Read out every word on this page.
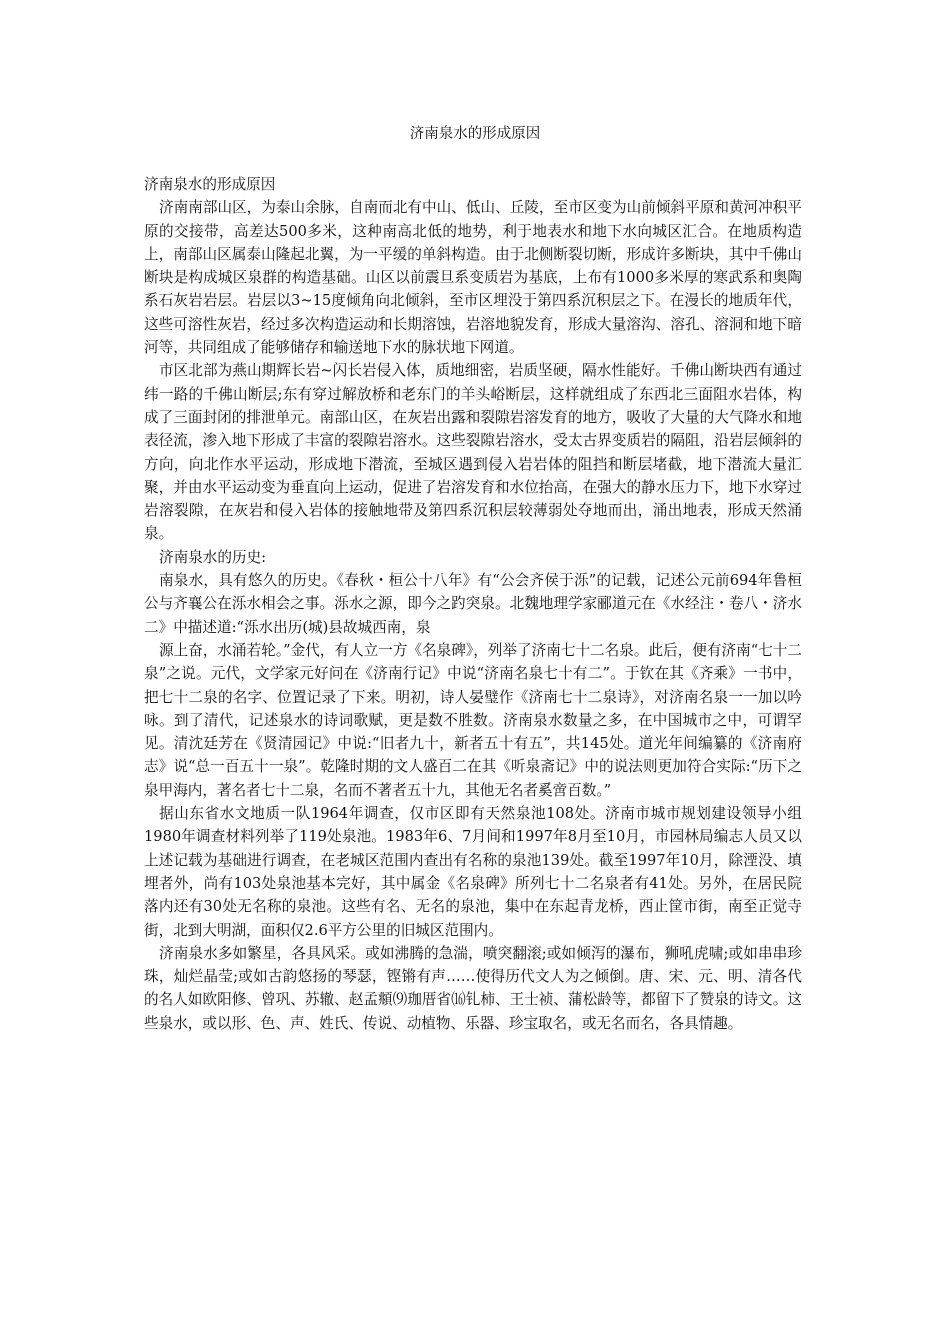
济南泉水的形成原因

济南泉水的形成原因

济南南部山区，为泰山余脉，自南而北有中山、低山、丘陵，至市区变为山前倾斜平原和黄河冲积平原的交接带，高差达500多米，这种南高北低的地势，利于地表水和地下水向城区汇合。在地质构造上，南部山区属泰山隆起北翼，为一平缓的单斜构造。由于北侧断裂切断，形成许多断块，其中千佛山断块是构成城区泉群的构造基础。山区以前震旦系变质岩为基底，上布有1000多米厚的寒武系和奥陶系石灰岩岩层。岩层以3~15度倾角向北倾斜，至市区埋没于第四系沉积层之下。在漫长的地质年代，这些可溶性灰岩，经过多次构造运动和长期溶蚀，岩溶地貌发育，形成大量溶沟、溶孔、溶洞和地下暗河等，共同组成了能够储存和输送地下水的脉状地下网道。

市区北部为燕山期辉长岩~闪长岩侵入体，质地细密，岩质坚硬，隔水性能好。千佛山断块西有通过纬一路的千佛山断层;东有穿过解放桥和老东门的羊头峪断层，这样就组成了东西北三面阻水岩体，构成了三面封闭的排泄单元。南部山区，在灰岩出露和裂隙岩溶发育的地方，吸收了大量的大气降水和地表径流，渗入地下形成了丰富的裂隙岩溶水。这些裂隙岩溶水，受太古界变质岩的隔阻，沿岩层倾斜的方向，向北作水平运动，形成地下潜流，至城区遇到侵入岩岩体的阻挡和断层堵截，地下潜流大量汇聚，并由水平运动变为垂直向上运动，促进了岩溶发育和水位抬高，在强大的静水压力下，地下水穿过岩溶裂隙，在灰岩和侵入岩体的接触地带及第四系沉积层较薄弱处夺地而出，涌出地表，形成天然涌泉。

济南泉水的历史:

南泉水，具有悠久的历史。《春秋・桓公十八年》有“公会齐侯于泺”的记载，记述公元前694年鲁桓公与齐襄公在泺水相会之事。泺水之源，即今之趵突泉。北魏地理学家郦道元在《水经注・卷八・济水二》中描述道:“泺水出历(城)县故城西南，泉

源上奋，水涌若轮。”金代，有人立一方《名泉碑》，列举了济南七十二名泉。此后，便有济南“七十二泉”之说。元代，文学家元好问在《济南行记》中说“济南名泉七十有二”。于钦在其《齐乘》一书中，把七十二泉的名字、位置记录了下来。明初，诗人晏璧作《济南七十二泉诗》，对济南名泉一一加以吟咏。到了清代，记述泉水的诗词歌赋，更是数不胜数。济南泉水数量之多，在中国城市之中，可谓罕见。清沈廷芳在《贤清园记》中说:“旧者九十，新者五十有五”，共145处。道光年间编纂的《济南府志》说“总一百五十一泉”。乾隆时期的文人盛百二在其《听泉斋记》中的说法则更加符合实际:“历下之泉甲海内，著名者七十二泉，名而不著者五十九，其他无名者奚啻百数。”

据山东省水文地质一队1964年调查，仅市区即有天然泉池108处。济南市城市规划建设领导小组1980年调查材料列举了119处泉池。1983年6、7月间和1997年8月至10月，市园林局编志人员又以上述记载为基础进行调查，在老城区范围内查出有名称的泉池139处。截至1997年10月，除湮没、填埋者外，尚有103处泉池基本完好，其中属金《名泉碑》所列七十二名泉者有41处。另外，在居民院落内还有30处无名称的泉池。这些有名、无名的泉池，集中在东起青龙桥，西止筐市街，南至正觉寺街，北到大明湖，面积仅2.6平方公里的旧城区范围内。

济南泉水多如繁星，各具风采。或如沸腾的急湍，喷突翻滚;或如倾泻的瀑布，狮吼虎啸;或如串串珍珠，灿烂晶莹;或如古韵悠扬的琴瑟，铿锵有声……使得历代文人为之倾倒。唐、宋、元、明、清各代的名人如欧阳修、曾巩、苏辙、赵孟頫⑼珈厝省⒃钆柿、王士祯、蒲松龄等，都留下了赞泉的诗文。这些泉水，或以形、色、声、姓氏、传说、动植物、乐器、珍宝取名，或无名而名，各具情趣。
